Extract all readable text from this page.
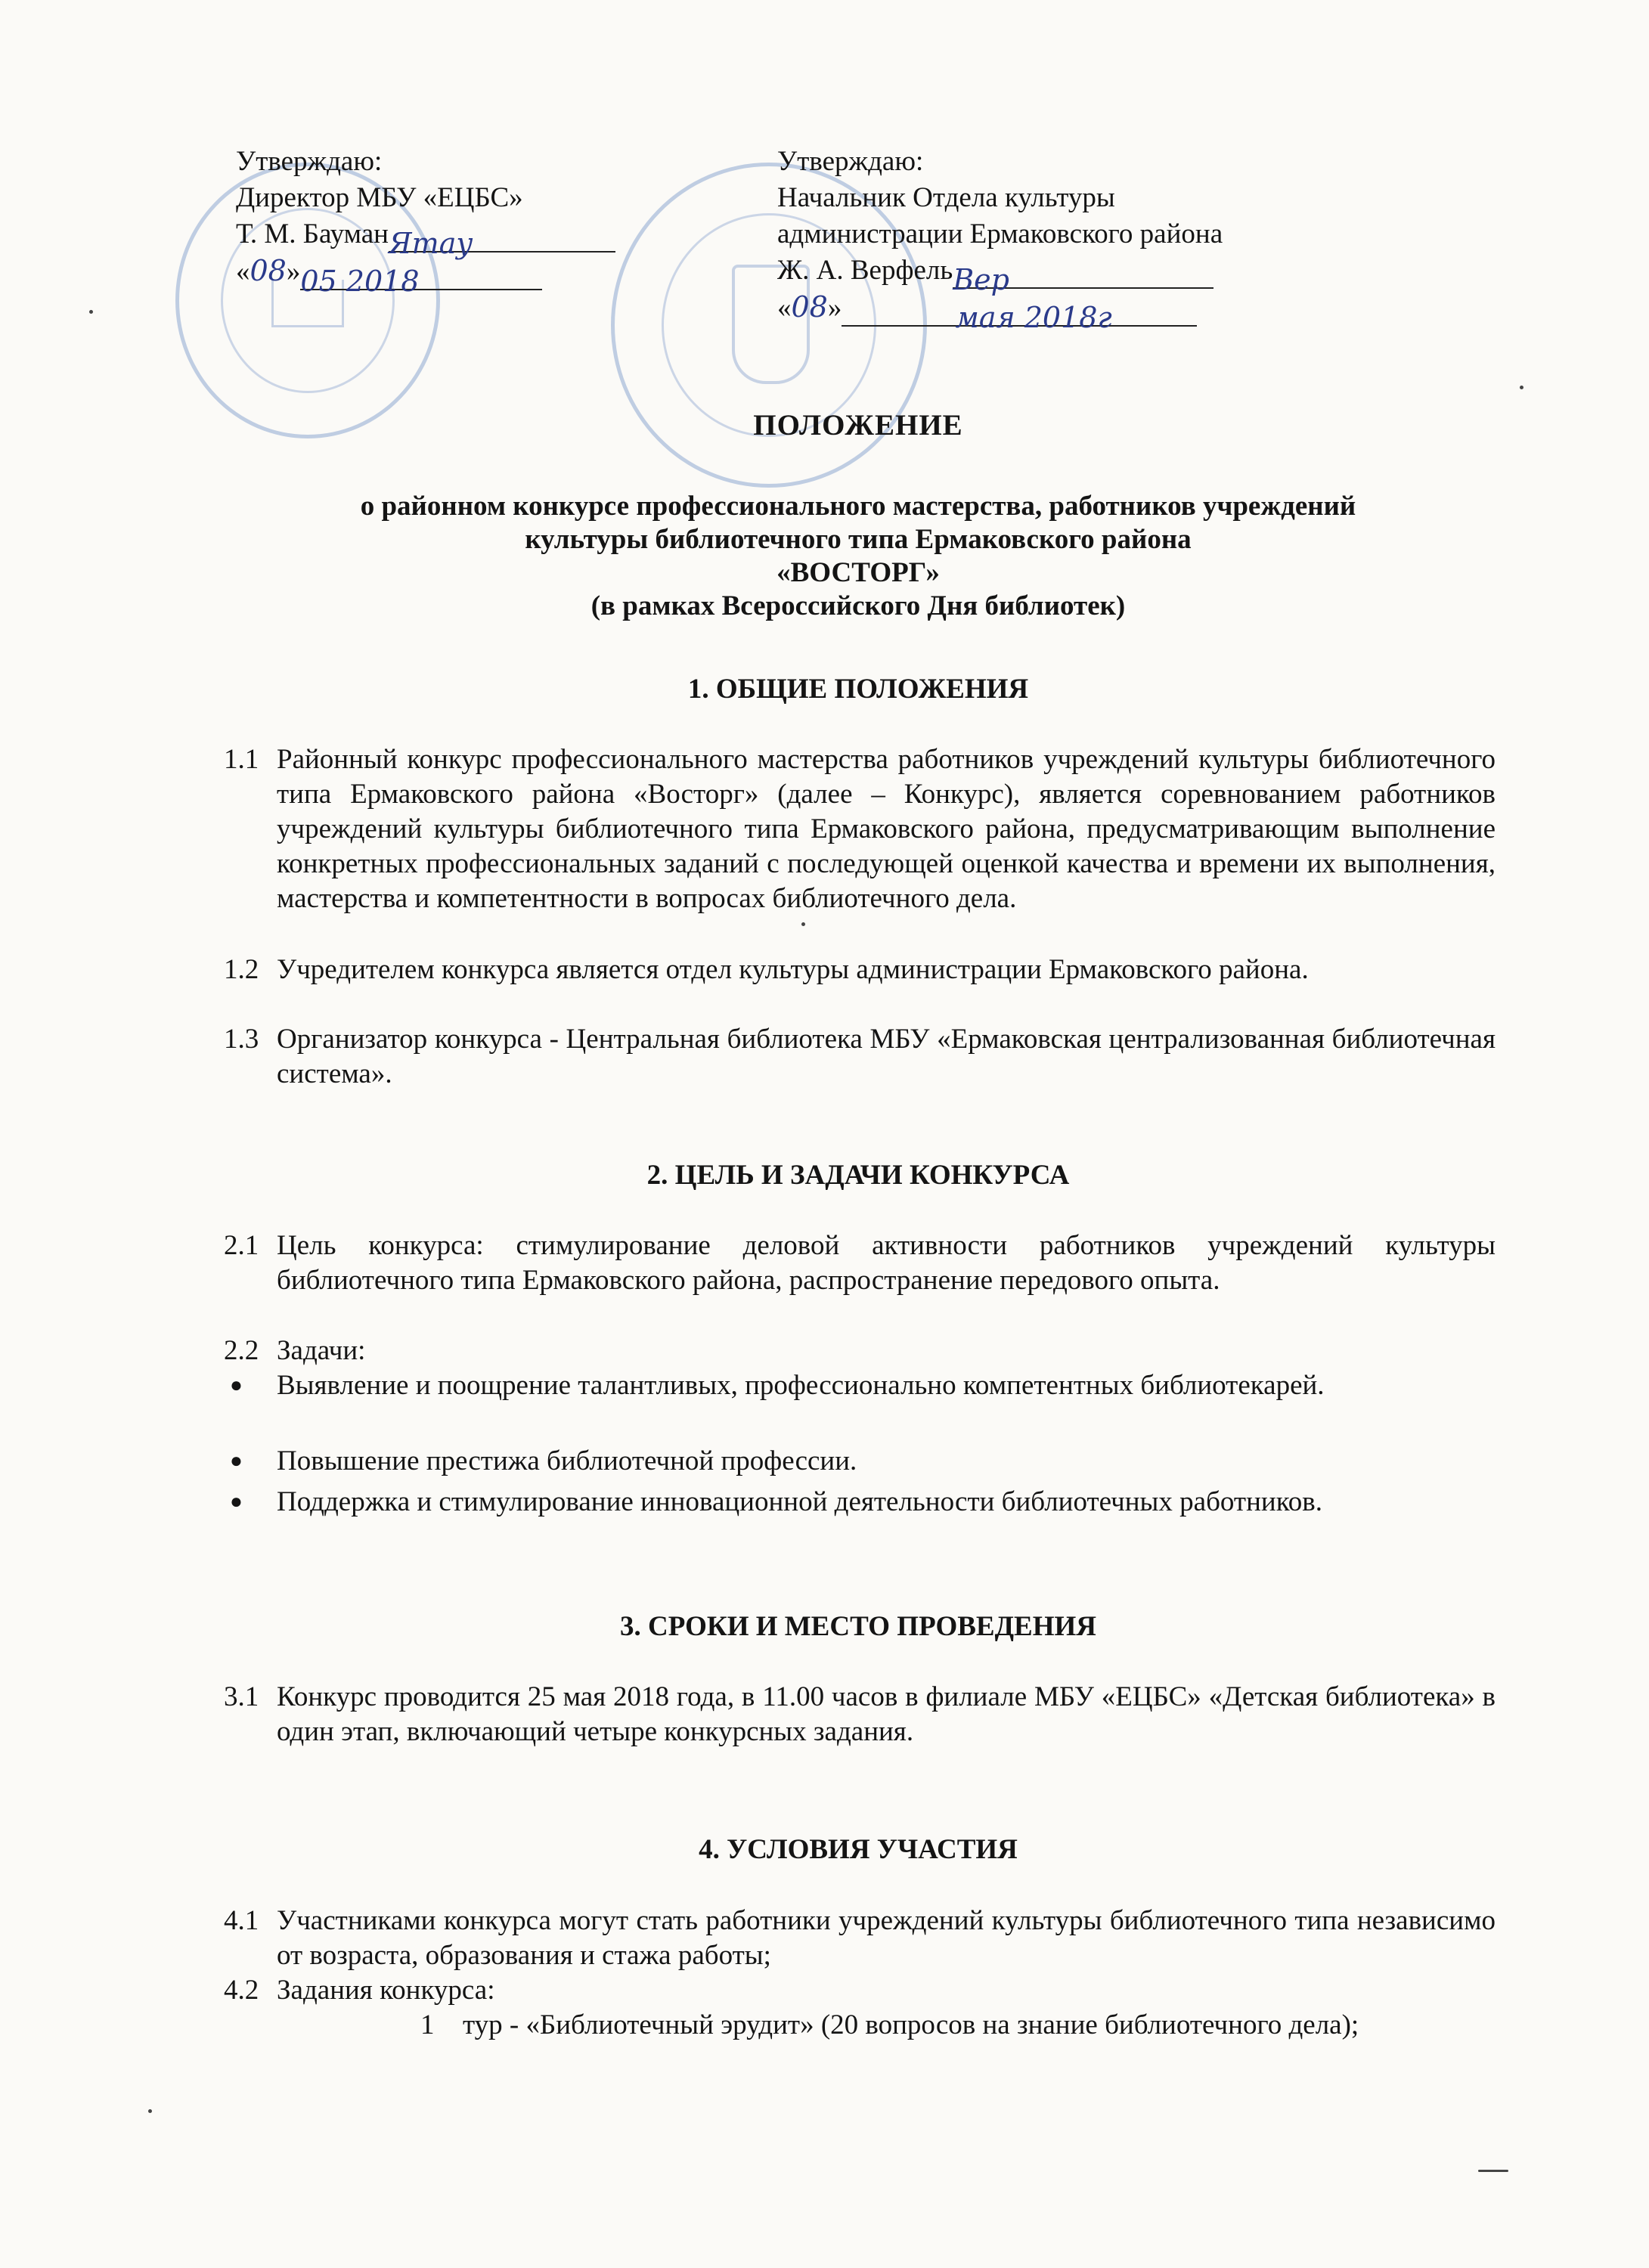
Утверждаю:
Директор МБУ «ЕЦБС»
Т. М. БауманЯтау
«08»05 2018
Утверждаю:
Начальник Отдела культуры
администрации Ермаковского района
Ж. А. ВерфельВер
«08»	мая 2018г
ПОЛОЖЕНИЕ
о районном конкурсе профессионального мастерства, работников учреждений
культуры библиотечного типа Ермаковского района
«ВОСТОРГ»
(в рамках Всероссийского Дня библиотек)
1. ОБЩИЕ ПОЛОЖЕНИЯ
1.1 Районный конкурс профессионального мастерства работников учреждений культуры библиотечного типа Ермаковского района «Восторг» (далее – Конкурс), является соревнованием работников учреждений культуры библиотечного типа Ермаковского района, предусматривающим выполнение конкретных профессиональных заданий с последующей оценкой качества и времени их выполнения, мастерства и компетентности в вопросах библиотечного дела.
1.2 Учредителем конкурса является отдел культуры администрации Ермаковского района.
1.3 Организатор конкурса - Центральная библиотека МБУ «Ермаковская централизованная библиотечная система».
2. ЦЕЛЬ И ЗАДАЧИ КОНКУРСА
2.1 Цель конкурса: стимулирование деловой активности работников учреждений культуры библиотечного типа Ермаковского района, распространение передового опыта.
2.2 Задачи:
● Выявление и поощрение талантливых, профессионально компетентных библиотекарей.
● Повышение престижа библиотечной профессии.
● Поддержка и стимулирование инновационной деятельности библиотечных работников.
3. СРОКИ И МЕСТО ПРОВЕДЕНИЯ
3.1 Конкурс проводится 25 мая 2018 года, в 11.00 часов в филиале МБУ «ЕЦБС» «Детская библиотека» в один этап, включающий четыре конкурсных задания.
4. УСЛОВИЯ УЧАСТИЯ
4.1 Участниками конкурса могут стать работники учреждений культуры библиотечного типа независимо от возраста, образования и стажа работы;
4.2 Задания конкурса:
1 тур - «Библиотечный эрудит» (20 вопросов на знание библиотечного дела);
